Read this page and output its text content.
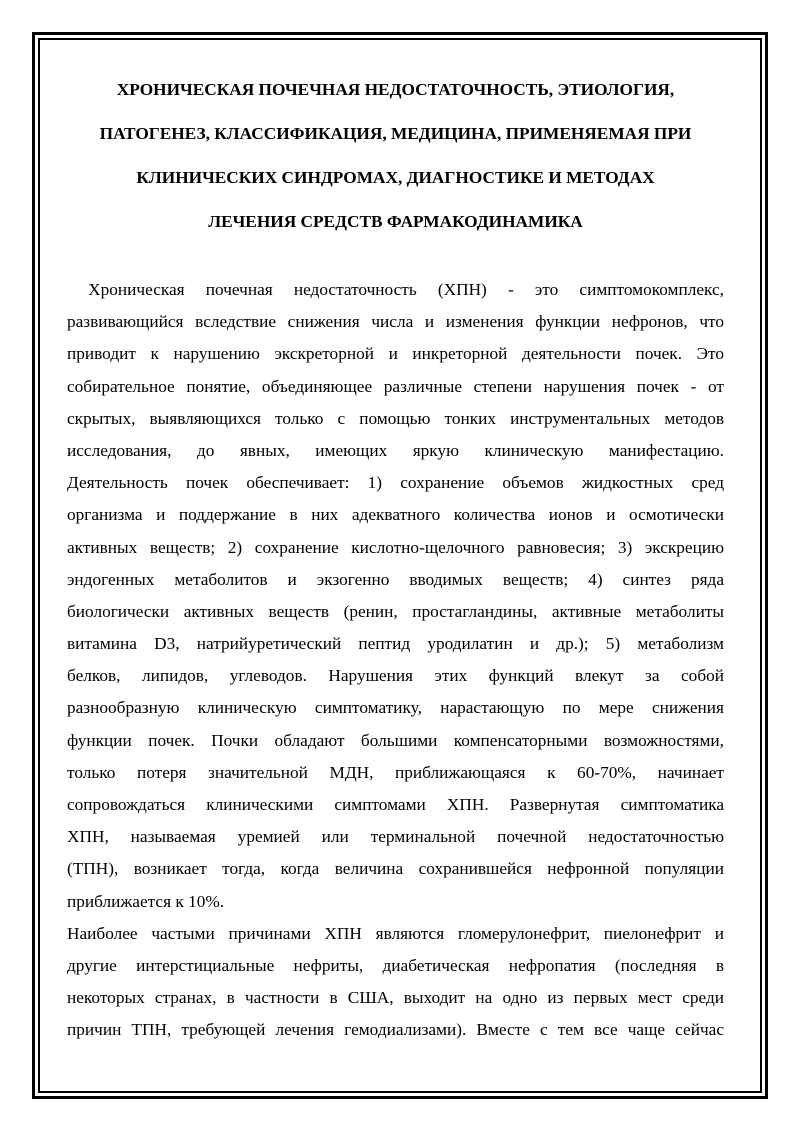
ХРОНИЧЕСКАЯ ПОЧЕЧНАЯ НЕДОСТАТОЧНОСТЬ, ЭТИОЛОГИЯ,
ПАТОГЕНЕЗ, КЛАССИФИКАЦИЯ, МЕДИЦИНА, ПРИМЕНЯЕМАЯ ПРИ
КЛИНИЧЕСКИХ СИНДРОМАХ, ДИАГНОСТИКЕ И МЕТОДАХ
ЛЕЧЕНИЯ СРЕДСТВ ФАРМАКОДИНАМИКА
Хроническая почечная недостаточность (ХПН) - это симптомокомплекс,
развивающийся вследствие снижения числа и изменения функции нефронов, что
приводит к нарушению экскреторной и инкреторной деятельности почек. Это
собирательное понятие, объединяющее различные степени нарушения почек - от
скрытых, выявляющихся только с помощью тонких инструментальных методов
исследования, до явных, имеющих яркую клиническую манифестацию.
Деятельность почек обеспечивает: 1) сохранение объемов жидкостных сред
организма и поддержание в них адекватного количества ионов и осмотически
активных веществ; 2) сохранение кислотно-щелочного равновесия; 3) экскрецию
эндогенных метаболитов и экзогенно вводимых веществ; 4) синтез ряда
биологически активных веществ (ренин, простагландины, активные метаболиты
витамина D3, натрийуретический пептид уродилатин и др.); 5) метаболизм
белков, липидов, углеводов. Нарушения этих функций влекут за собой
разнообразную клиническую симптоматику, нарастающую по мере снижения
функции почек. Почки обладают большими компенсаторными возможностями,
только потеря значительной МДН, приближающаяся к 60-70%, начинает
сопровождаться клиническими симптомами ХПН. Развернутая симптоматика
ХПН, называемая уремией или терминальной почечной недостаточностью
(ТПН), возникает тогда, когда величина сохранившейся нефронной популяции
приближается к 10%.
Наиболее частыми причинами ХПН являются гломерулонефрит, пиелонефрит и
другие интерстициальные нефриты, диабетическая нефропатия (последняя в
некоторых странах, в частности в США, выходит на одно из первых мест среди
причин ТПН, требующей лечения гемодиализами). Вместе с тем все чаще сейчас
